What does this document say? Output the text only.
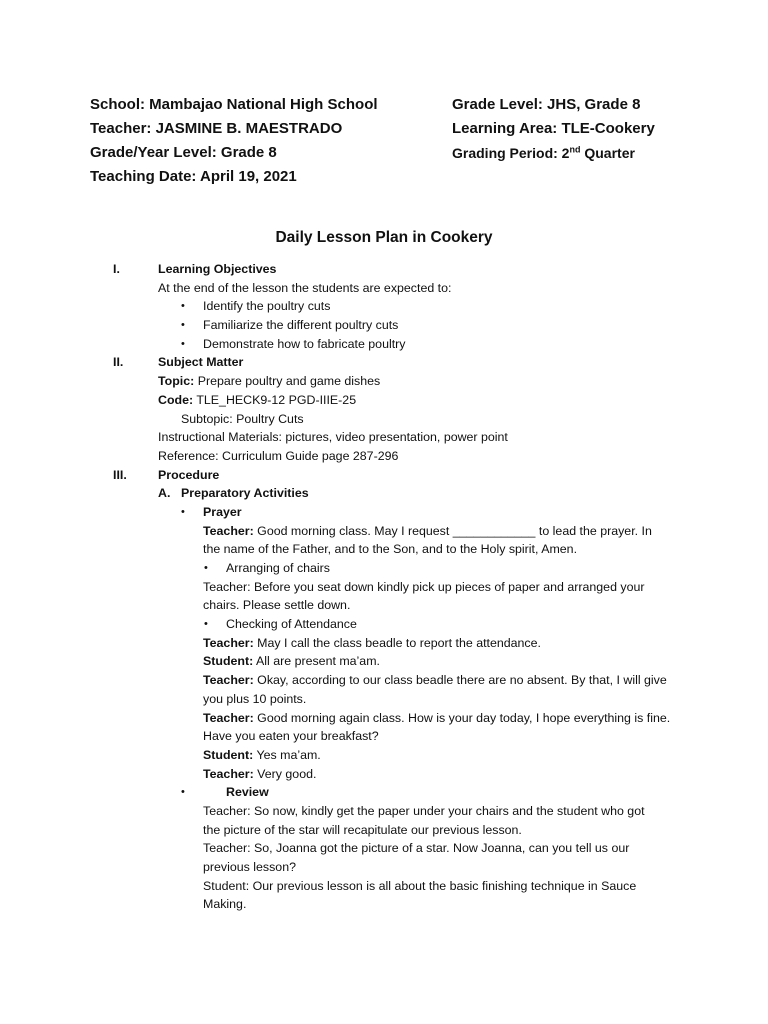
School: Mambajao National High School
Teacher: JASMINE B. MAESTRADO
Grade/Year Level: Grade 8
Teaching Date: April 19, 2021
Grade Level: JHS, Grade 8
Learning Area: TLE-Cookery
Grading Period: 2nd Quarter
Daily Lesson Plan in Cookery
I.	Learning Objectives
At the end of the lesson the students are expected to:
• Identify the poultry cuts
• Familiarize the different poultry cuts
• Demonstrate how to fabricate poultry
II.	Subject Matter
Topic: Prepare poultry and game dishes
Code: TLE_HECK9-12 PGD-IIIE-25
Subtopic: Poultry Cuts
Instructional Materials: pictures, video presentation, power point
Reference: Curriculum Guide page 287-296
III.	Procedure
A. Preparatory Activities
• Prayer
Teacher: Good morning class. May I request ____________ to lead the prayer. In
the name of the Father, and to the Son, and to the Holy spirit, Amen.
• Arranging of chairs
Teacher: Before you seat down kindly pick up pieces of paper and arranged your
chairs. Please settle down.
• Checking of Attendance
Teacher: May I call the class beadle to report the attendance.
Student: All are present ma’am.
Teacher: Okay, according to our class beadle there are no absent. By that, I will give
you plus 10 points.
Teacher: Good morning again class. How is your day today, I hope everything is fine.
Have you eaten your breakfast?
Student: Yes ma’am.
Teacher: Very good.
•	Review
Teacher: So now, kindly get the paper under your chairs and the student who got
the picture of the star will recapitulate our previous lesson.
Teacher: So, Joanna got the picture of a star. Now Joanna, can you tell us our
previous lesson?
Student: Our previous lesson is all about the basic finishing technique in Sauce
Making.
